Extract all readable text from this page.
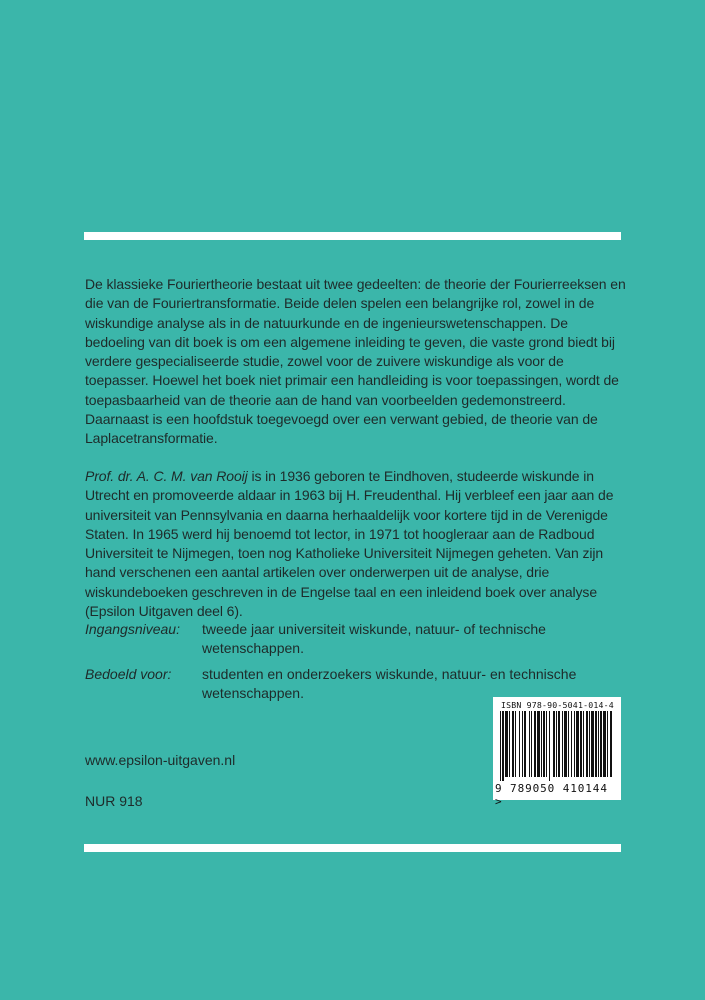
De klassieke Fouriertheorie bestaat uit twee gedeelten: de theorie der Fourierreeksen en die van de Fouriertransformatie. Beide delen spelen een belangrijke rol, zowel in de wiskundige analyse als in de natuurkunde en de ingenieurswetenschappen. De bedoeling van dit boek is om een algemene inleiding te geven, die vaste grond biedt bij verdere gespecialiseerde studie, zowel voor de zuivere wiskundige als voor de toepasser. Hoewel het boek niet primair een handleiding is voor toepassingen, wordt de toepasbaarheid van de theorie aan de hand van voorbeelden gedemonstreerd. Daarnaast is een hoofdstuk toegevoegd over een verwant gebied, de theorie van de Laplacetransformatie.

Prof. dr. A. C. M. van Rooij is in 1936 geboren te Eindhoven, studeerde wiskunde in Utrecht en promoveerde aldaar in 1963 bij H. Freudenthal. Hij verbleef een jaar aan de universiteit van Pennsylvania en daarna herhaaldelijk voor kortere tijd in de Verenigde Staten. In 1965 werd hij benoemd tot lector, in 1971 tot hoogleraar aan de Radboud Universiteit te Nijmegen, toen nog Katholieke Universiteit Nijmegen geheten. Van zijn hand verschenen een aantal artikelen over onderwerpen uit de analyse, drie wiskundeboeken geschreven in de Engelse taal en een inleidend boek over analyse (Epsilon Uitgaven deel 6).

Ingangsniveau: tweede jaar universiteit wiskunde, natuur- of technische wetenschappen.
Bedoeld voor: studenten en onderzoekers wiskunde, natuur- en technische wetenschappen.
ISBN 978-90-5041-014-4
9 789050 410144 >
www.epsilon-uitgaven.nl
NUR 918
